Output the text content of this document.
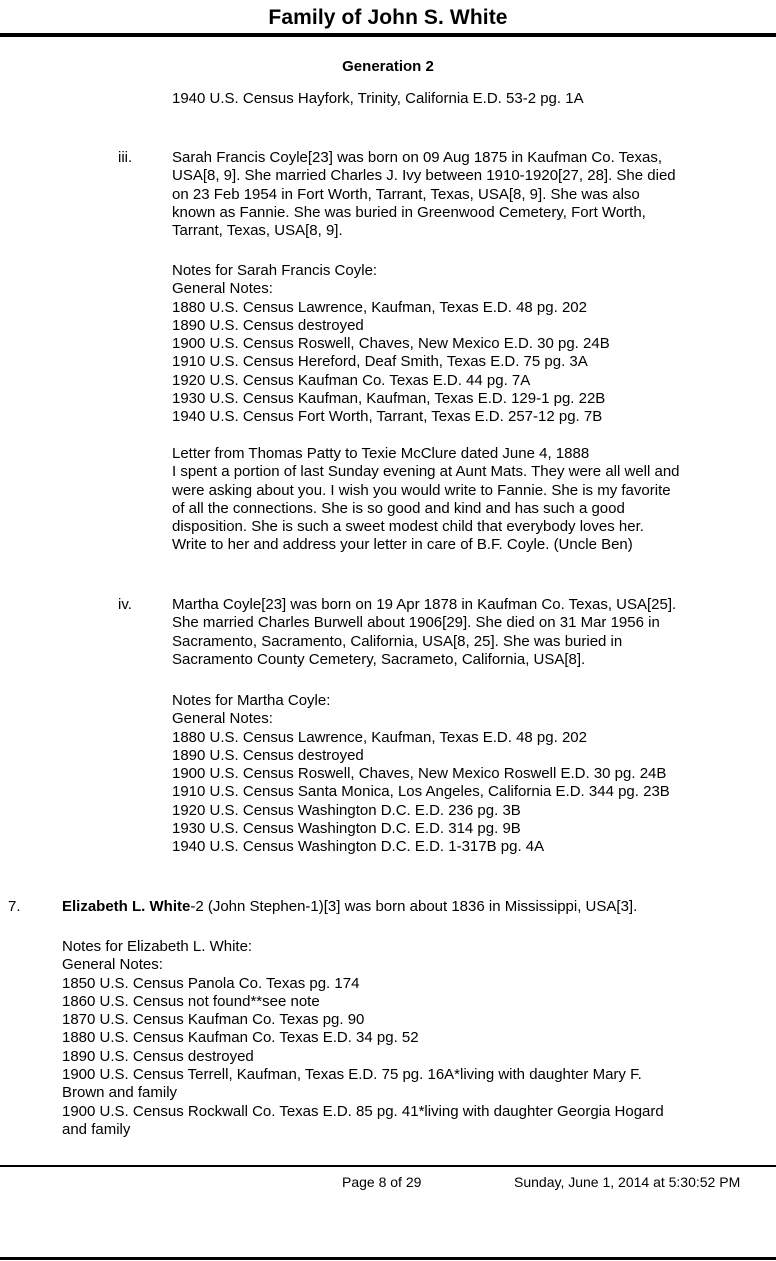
Family of John S. White
Generation 2
1940 U.S. Census Hayfork, Trinity, California E.D. 53-2 pg. 1A
iii.	Sarah Francis Coyle[23] was born on 09 Aug 1875 in Kaufman Co. Texas,
USA[8, 9]. She married Charles J. Ivy between 1910-1920[27, 28]. She died
on 23 Feb 1954 in Fort Worth, Tarrant, Texas, USA[8, 9]. She was also
known as Fannie. She was buried in Greenwood Cemetery, Fort Worth,
Tarrant, Texas, USA[8, 9].
Notes for Sarah Francis Coyle:
General Notes:
1880 U.S. Census Lawrence, Kaufman, Texas E.D. 48 pg. 202
1890 U.S. Census destroyed
1900 U.S. Census Roswell, Chaves, New Mexico E.D. 30 pg. 24B
1910 U.S. Census Hereford, Deaf Smith, Texas E.D. 75 pg. 3A
1920 U.S. Census Kaufman Co. Texas E.D. 44 pg. 7A
1930 U.S. Census Kaufman, Kaufman, Texas E.D. 129-1 pg. 22B
1940 U.S. Census Fort Worth, Tarrant, Texas E.D. 257-12 pg. 7B
Letter from Thomas Patty to Texie McClure dated June 4, 1888
I spent a portion of last Sunday evening at Aunt Mats. They were all well and
were asking about you. I wish you would write to Fannie. She is my favorite
of all the connections. She is so good and kind and has such a good
disposition. She is such a sweet modest child that everybody loves her.
Write to her and address your letter in care of B.F. Coyle. (Uncle Ben)
iv.	Martha Coyle[23] was born on 19 Apr 1878 in Kaufman Co. Texas, USA[25].
She married Charles Burwell about 1906[29]. She died on 31 Mar 1956 in
Sacramento, Sacramento, California, USA[8, 25]. She was buried in
Sacramento County Cemetery, Sacrameto, California, USA[8].
Notes for Martha Coyle:
General Notes:
1880 U.S. Census Lawrence, Kaufman, Texas E.D. 48 pg. 202
1890 U.S. Census destroyed
1900 U.S. Census Roswell, Chaves, New Mexico Roswell E.D. 30 pg. 24B
1910 U.S. Census Santa Monica, Los Angeles, California E.D. 344 pg. 23B
1920 U.S. Census Washington D.C. E.D. 236 pg. 3B
1930 U.S. Census Washington D.C. E.D. 314 pg. 9B
1940 U.S. Census Washington D.C. E.D. 1-317B pg. 4A
7.	Elizabeth L. White-2 (John Stephen-1)[3] was born about 1836 in Mississippi, USA[3].
Notes for Elizabeth L. White:
General Notes:
1850 U.S. Census Panola Co. Texas pg. 174
1860 U.S. Census not found**see note
1870 U.S. Census Kaufman Co. Texas pg. 90
1880 U.S. Census Kaufman Co. Texas E.D. 34 pg. 52
1890 U.S. Census destroyed
1900 U.S. Census Terrell, Kaufman, Texas E.D. 75 pg. 16A*living with daughter Mary F.
Brown and family
1900 U.S. Census Rockwall Co. Texas E.D. 85 pg. 41*living with daughter Georgia Hogard
and family
Page 8 of 29	Sunday, June 1, 2014 at 5:30:52 PM
